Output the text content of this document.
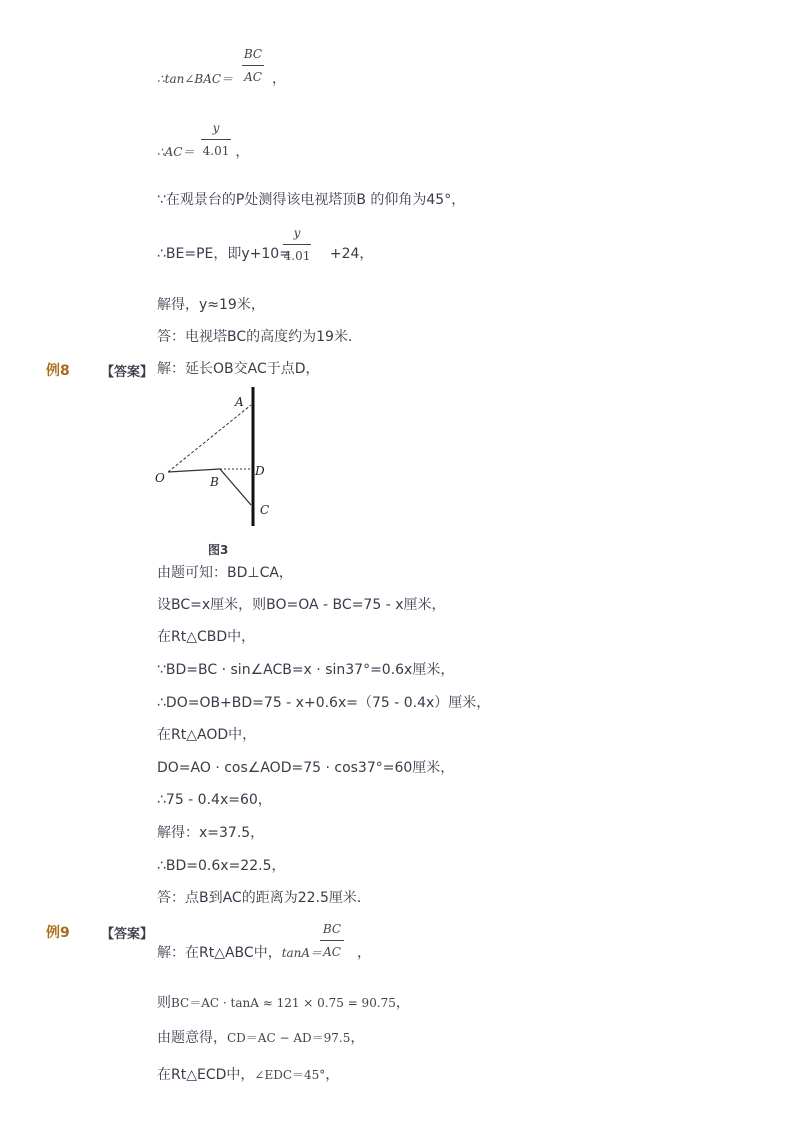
∴tan∠BAC＝	，
BC
AC
∴AC＝	，
y
4.01
∵在观景台的P处测得该电视塔顶B 的仰角为45°，
∴BE=PE，即y+10=	+24，
y
4.01
解得，y≈19米，
答：电视塔BC的高度约为19米．
例8 【答案】 解：延长OB交AC于点D，
A
O	B
D
C
图3
由题可知：BD⊥CA，
设BC=x厘米，则BO=OA - BC=75 - x厘米，
在Rt△CBD中，
∵BD=BC · sin∠ACB=x · sin37°=0.6x厘米，
∴DO=OB+BD=75 - x+0.6x=（75 - 0.4x）厘米，
在Rt△AOD中，
DO=AO · cos∠AOD=75 · cos37°=60厘米，
∴75 - 0.4x=60，
解得：x=37.5，
∴BD=0.6x=22.5，
答：点B到AC的距离为22.5厘米．
例9 【答案】
解：在Rt△ABC中，tanA＝ ，
BC
AC
则BC＝AC · tanA ≈ 121 × 0.75 = 90.75，
由题意得，CD＝AC − AD＝97.5，
在Rt△ECD中，∠EDC＝45°，
